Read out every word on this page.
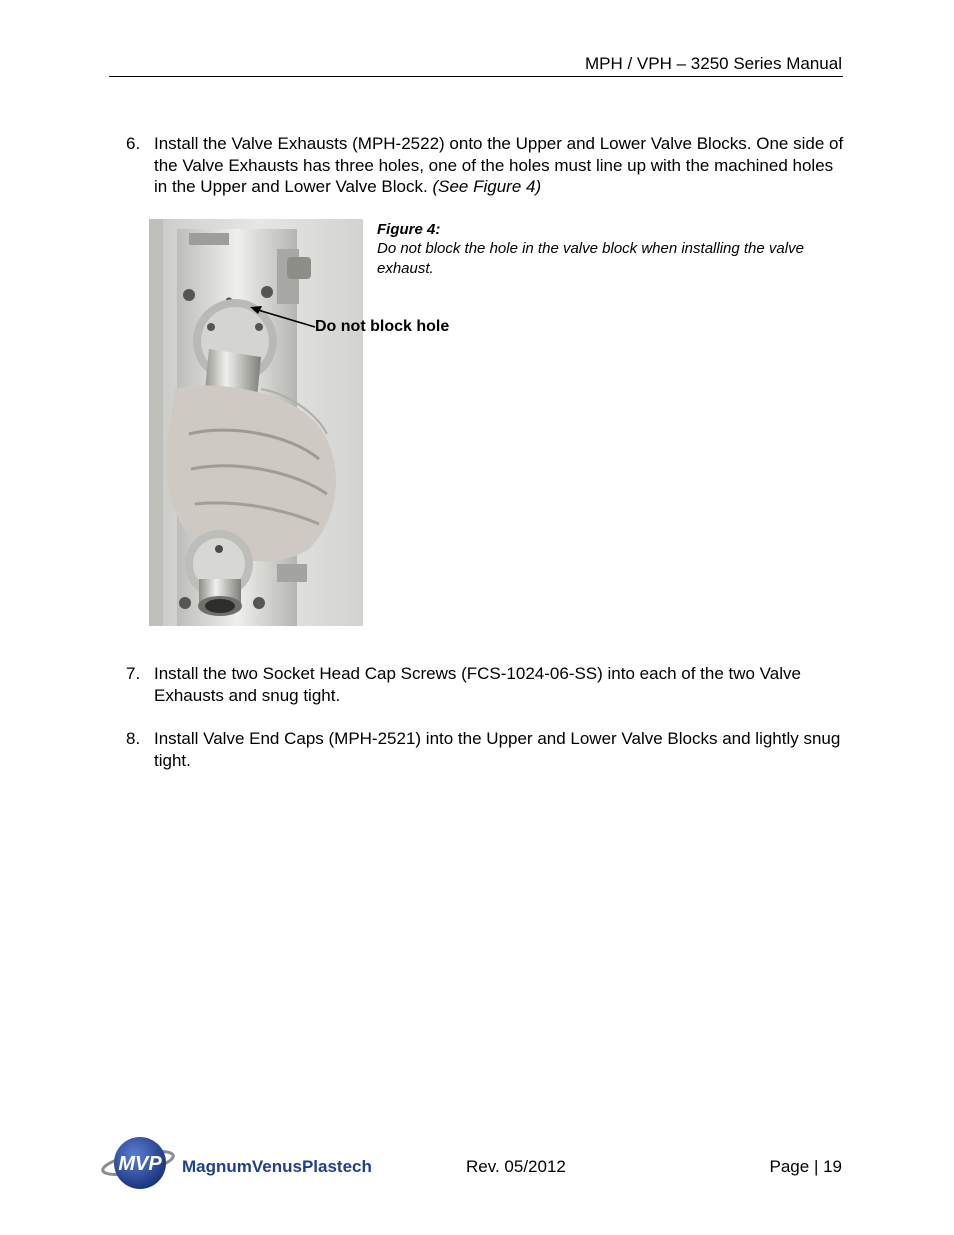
MPH / VPH – 3250 Series Manual
6. Install the Valve Exhausts (MPH-2522) onto the Upper and Lower Valve Blocks. One side of the Valve Exhausts has three holes, one of the holes must line up with the machined holes in the Upper and Lower Valve Block. (See Figure 4)
Figure 4:
Do not block the hole in the valve block when installing the valve exhaust.
Do not block hole
7. Install the two Socket Head Cap Screws (FCS-1024-06-SS) into each of the two Valve Exhausts and snug tight.
8. Install Valve End Caps (MPH-2521) into the Upper and Lower Valve Blocks and lightly snug tight.
MVP MagnumVenusPlastech	Rev. 05/2012	Page | 19
